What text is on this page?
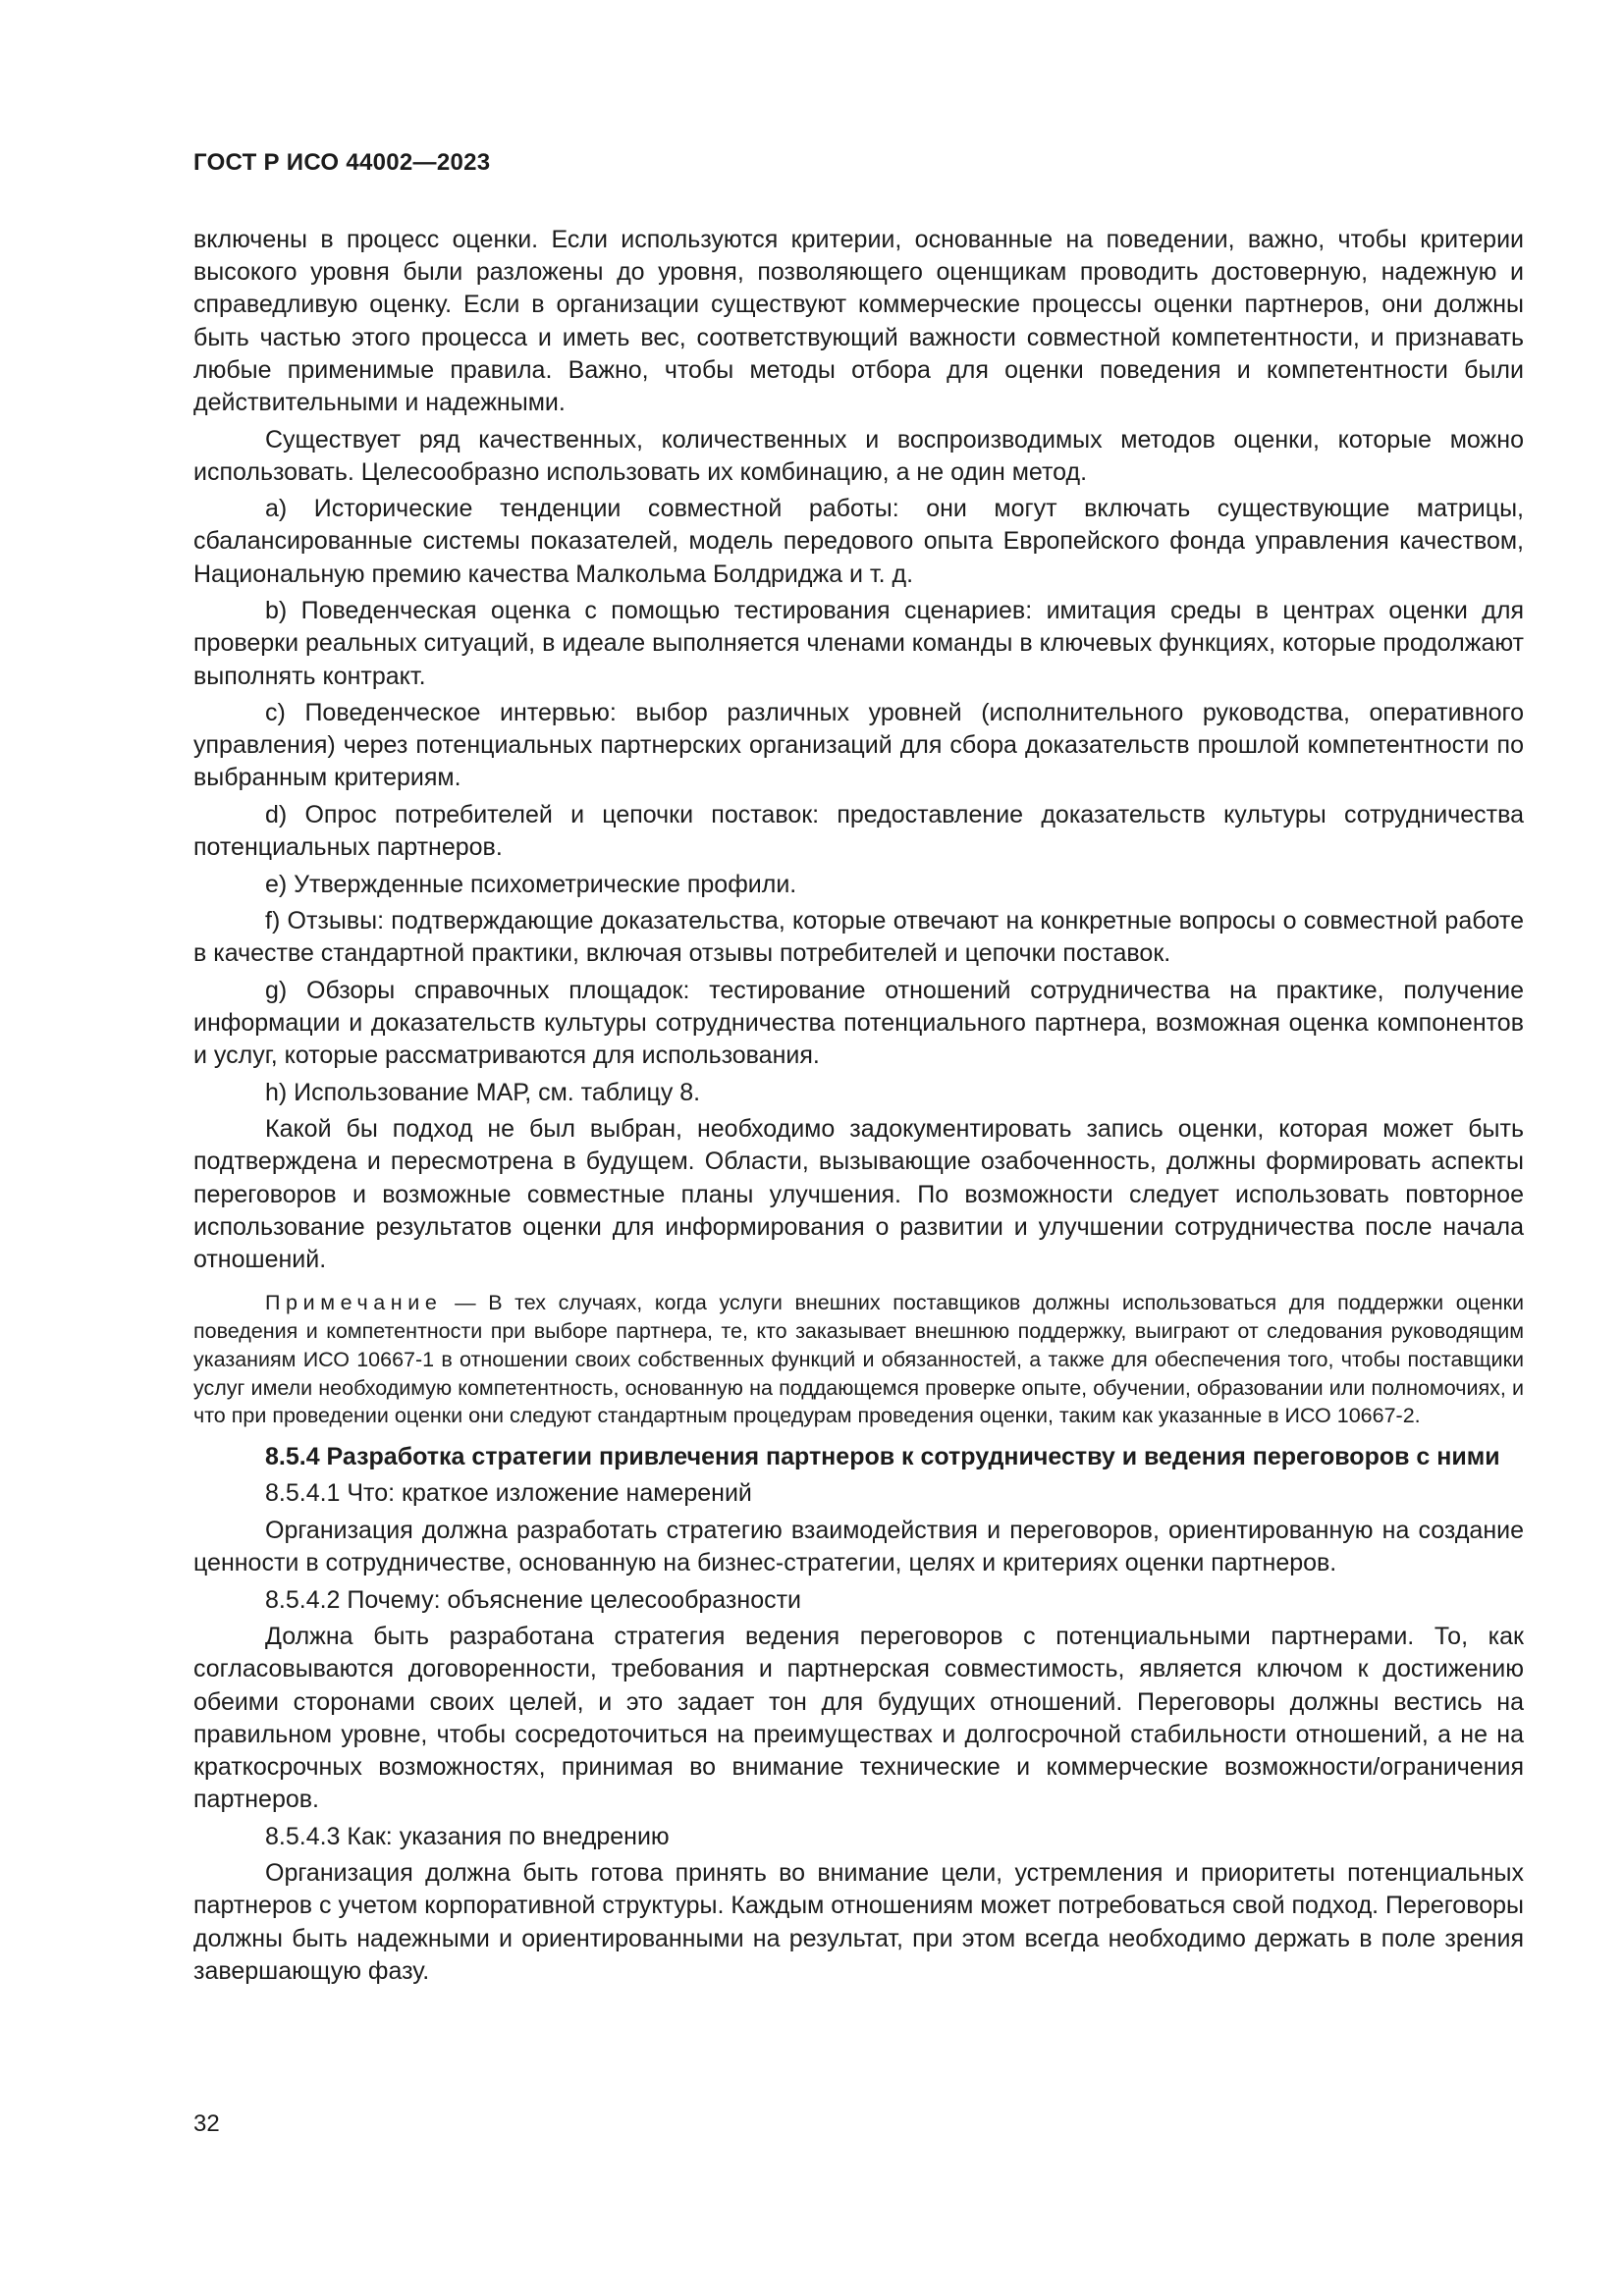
ГОСТ Р ИСО 44002—2023

включены в процесс оценки. Если используются критерии, основанные на поведении, важно, чтобы критерии высокого уровня были разложены до уровня, позволяющего оценщикам проводить достоверную, надежную и справедливую оценку. Если в организации существуют коммерческие процессы оценки партнеров, они должны быть частью этого процесса и иметь вес, соответствующий важности совместной компетентности, и признавать любые применимые правила. Важно, чтобы методы отбора для оценки поведения и компетентности были действительными и надежными.

Существует ряд качественных, количественных и воспроизводимых методов оценки, которые можно использовать. Целесообразно использовать их комбинацию, а не один метод.

а) Исторические тенденции совместной работы: они могут включать существующие матрицы, сбалансированные системы показателей, модель передового опыта Европейского фонда управления качеством, Национальную премию качества Малкольма Болдриджа и т. д.

b) Поведенческая оценка с помощью тестирования сценариев: имитация среды в центрах оценки для проверки реальных ситуаций, в идеале выполняется членами команды в ключевых функциях, которые продолжают выполнять контракт.

c) Поведенческое интервью: выбор различных уровней (исполнительного руководства, оперативного управления) через потенциальных партнерских организаций для сбора доказательств прошлой компетентности по выбранным критериям.

d) Опрос потребителей и цепочки поставок: предоставление доказательств культуры сотрудничества потенциальных партнеров.

e) Утвержденные психометрические профили.

f) Отзывы: подтверждающие доказательства, которые отвечают на конкретные вопросы о совместной работе в качестве стандартной практики, включая отзывы потребителей и цепочки поставок.

g) Обзоры справочных площадок: тестирование отношений сотрудничества на практике, получение информации и доказательств культуры сотрудничества потенциального партнера, возможная оценка компонентов и услуг, которые рассматриваются для использования.

h) Использование МАР, см. таблицу 8.

Какой бы подход не был выбран, необходимо задокументировать запись оценки, которая может быть подтверждена и пересмотрена в будущем. Области, вызывающие озабоченность, должны формировать аспекты переговоров и возможные совместные планы улучшения. По возможности следует использовать повторное использование результатов оценки для информирования о развитии и улучшении сотрудничества после начала отношений.

Примечание — В тех случаях, когда услуги внешних поставщиков должны использоваться для поддержки оценки поведения и компетентности при выборе партнера, те, кто заказывает внешнюю поддержку, выиграют от следования руководящим указаниям ИСО 10667-1 в отношении своих собственных функций и обязанностей, а также для обеспечения того, чтобы поставщики услуг имели необходимую компетентность, основанную на поддающемся проверке опыте, обучении, образовании или полномочиях, и что при проведении оценки они следуют стандартным процедурам проведения оценки, таким как указанные в ИСО 10667-2.

8.5.4 Разработка стратегии привлечения партнеров к сотрудничеству и ведения переговоров с ними

8.5.4.1 Что: краткое изложение намерений

Организация должна разработать стратегию взаимодействия и переговоров, ориентированную на создание ценности в сотрудничестве, основанную на бизнес-стратегии, целях и критериях оценки партнеров.

8.5.4.2 Почему: объяснение целесообразности

Должна быть разработана стратегия ведения переговоров с потенциальными партнерами. То, как согласовываются договоренности, требования и партнерская совместимость, является ключом к достижению обеими сторонами своих целей, и это задает тон для будущих отношений. Переговоры должны вестись на правильном уровне, чтобы сосредоточиться на преимуществах и долгосрочной стабильности отношений, а не на краткосрочных возможностях, принимая во внимание технические и коммерческие возможности/ограничения партнеров.

8.5.4.3 Как: указания по внедрению

Организация должна быть готова принять во внимание цели, устремления и приоритеты потенциальных партнеров с учетом корпоративной структуры. Каждым отношениям может потребоваться свой подход. Переговоры должны быть надежными и ориентированными на результат, при этом всегда необходимо держать в поле зрения завершающую фазу.

32
